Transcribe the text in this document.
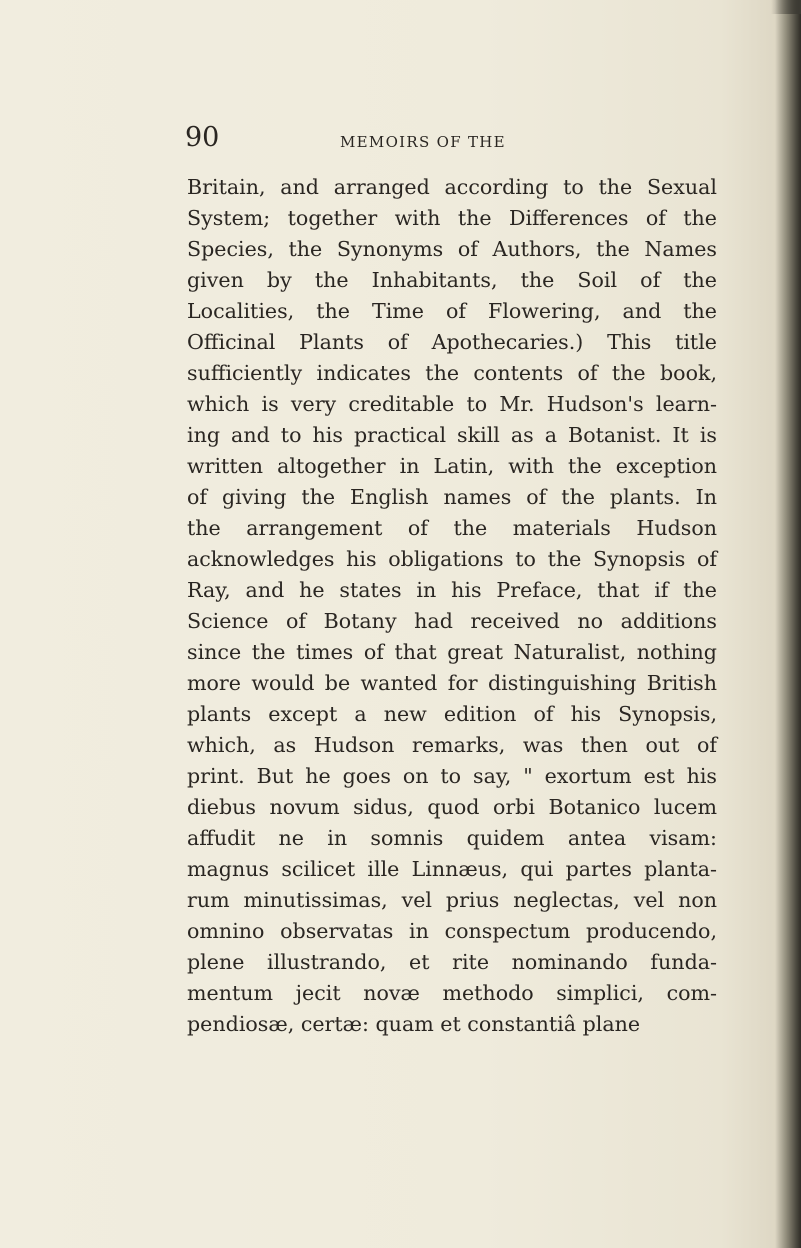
90	MEMOIRS OF THE
Britain, and arranged according to the Sexual
System; together with the Differences of the
Species, the Synonyms of Authors, the Names
given by the Inhabitants, the Soil of the
Localities, the Time of Flowering, and the
Officinal Plants of Apothecaries.) This title
sufficiently indicates the contents of the book,
which is very creditable to Mr. Hudson's learn-
ing and to his practical skill as a Botanist. It is
written altogether in Latin, with the exception
of giving the English names of the plants. In
the arrangement of the materials Hudson
acknowledges his obligations to the Synopsis of
Ray, and he states in his Preface, that if the
Science of Botany had received no additions
since the times of that great Naturalist, nothing
more would be wanted for distinguishing British
plants except a new edition of his Synopsis,
which, as Hudson remarks, was then out of
print. But he goes on to say, " exortum est his
diebus novum sidus, quod orbi Botanico lucem
affudit ne in somnis quidem antea visam:
magnus scilicet ille Linnæus, qui partes planta-
rum minutissimas, vel prius neglectas, vel non
omnino observatas in conspectum producendo,
plene illustrando, et rite nominando funda-
mentum jecit novæ methodo simplici, com-
pendiosæ, certæ: quam et constantiâ plane
